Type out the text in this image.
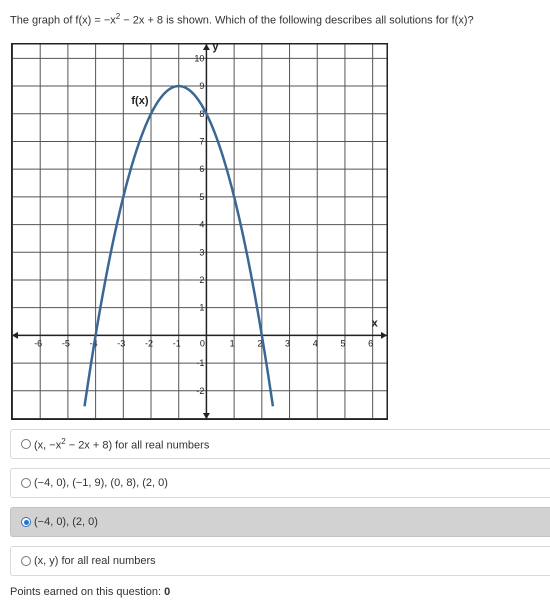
The graph of $f(x) = -x^2 - 2x + 8$ is shown. Which of the following describes all solutions for f(x)?
-6 -5 -4 -3 -2 -1 0	1	2	3	4	5	6
-2
-1
1
2
3
4
5
6
7
8
9
10
x
y
f(x)
(x, $-x^2 - 2x + 8$) for all real numbers
(−4, 0), (−1, 9), (0, 8), (2, 0)
(−4, 0), (2, 0)
(x, y) for all real numbers
Points earned on this question: 0
